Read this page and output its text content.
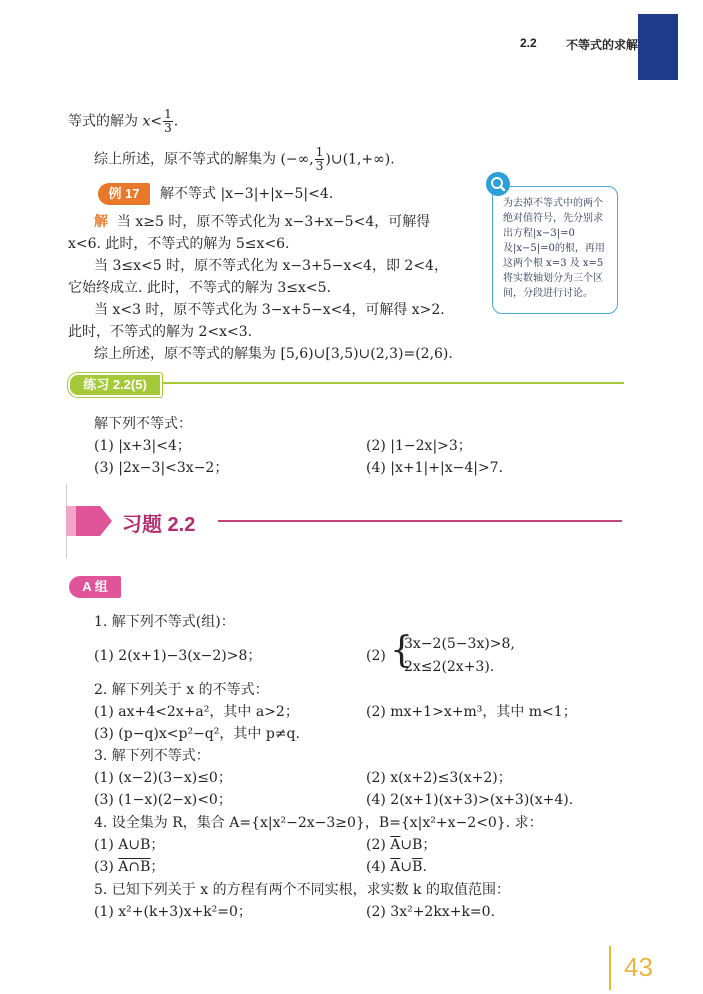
2.2 不等式的求解
等式的解为 $x< \frac{1}{3}$ .
综上所述，原不等式的解集为 (−∞, $\frac{1}{3}$ )∪(1,+∞).
例 17	解不等式 |x−3|+|x−5|<4.
解 当 x≥5 时，原不等式化为 x−3+x−5<4，可解得
x<6. 此时，不等式的解为 5≤x<6.
当 3≤x<5 时，原不等式化为 x−3+5−x<4，即 2<4，
它始终成立. 此时，不等式的解为 3≤x<5.
当 x<3 时，原不等式化为 3−x+5−x<4，可解得 x>2.
此时，不等式的解为 2<x<3.
综上所述，原不等式的解集为 [5,6)∪[3,5)∪(2,3)=(2,6).
为去掉不等式中的两个绝对值符号，先分别求出方程|x−3|=0及|x−5|=0的根，再用这两个根 x=3 及 x=5 将实数轴划分为三个区间，分段进行讨论。
练习 2.2(5)
解下列不等式：
(1) |x+3|<4；	(2) |1−2x|>3；
(3) |2x−3|<3x−2；	(4) |x+1|+|x−4|>7.
习题 2.2
A 组
1. 解下列不等式(组)：
(1) 2(x+1)−3(x−2)>8；	(2) {
3x−2(5−3x)>8,
2x≤2(2x+3).
2. 解下列关于 x 的不等式：
(1) ax+4<2x+a²，其中 a>2；	(2) mx+1>x+m³，其中 m<1；
(3) (p−q)x<p²−q²，其中 p≠q.
3. 解下列不等式：
(1) (x−2)(3−x)≤0；	(2) x(x+2)≤3(x+2)；
(3) (1−x)(2−x)<0；	(4) 2(x+1)(x+3)>(x+3)(x+4).
4. 设全集为 R，集合 A={x|x²−2x−3≥0}，B={x|x²+x−2<0}. 求：
(1) A∪B；	(2) $\overline{A}\cup B$；
(3) A∩B；	(4) $\overline{A}\cup\overline{B}$.
5. 已知下列关于 x 的方程有两个不同实根，求实数 k 的取值范围：
(1) x²+(k+3)x+k²=0；	(2) 3x²+2kx+k=0.
43
